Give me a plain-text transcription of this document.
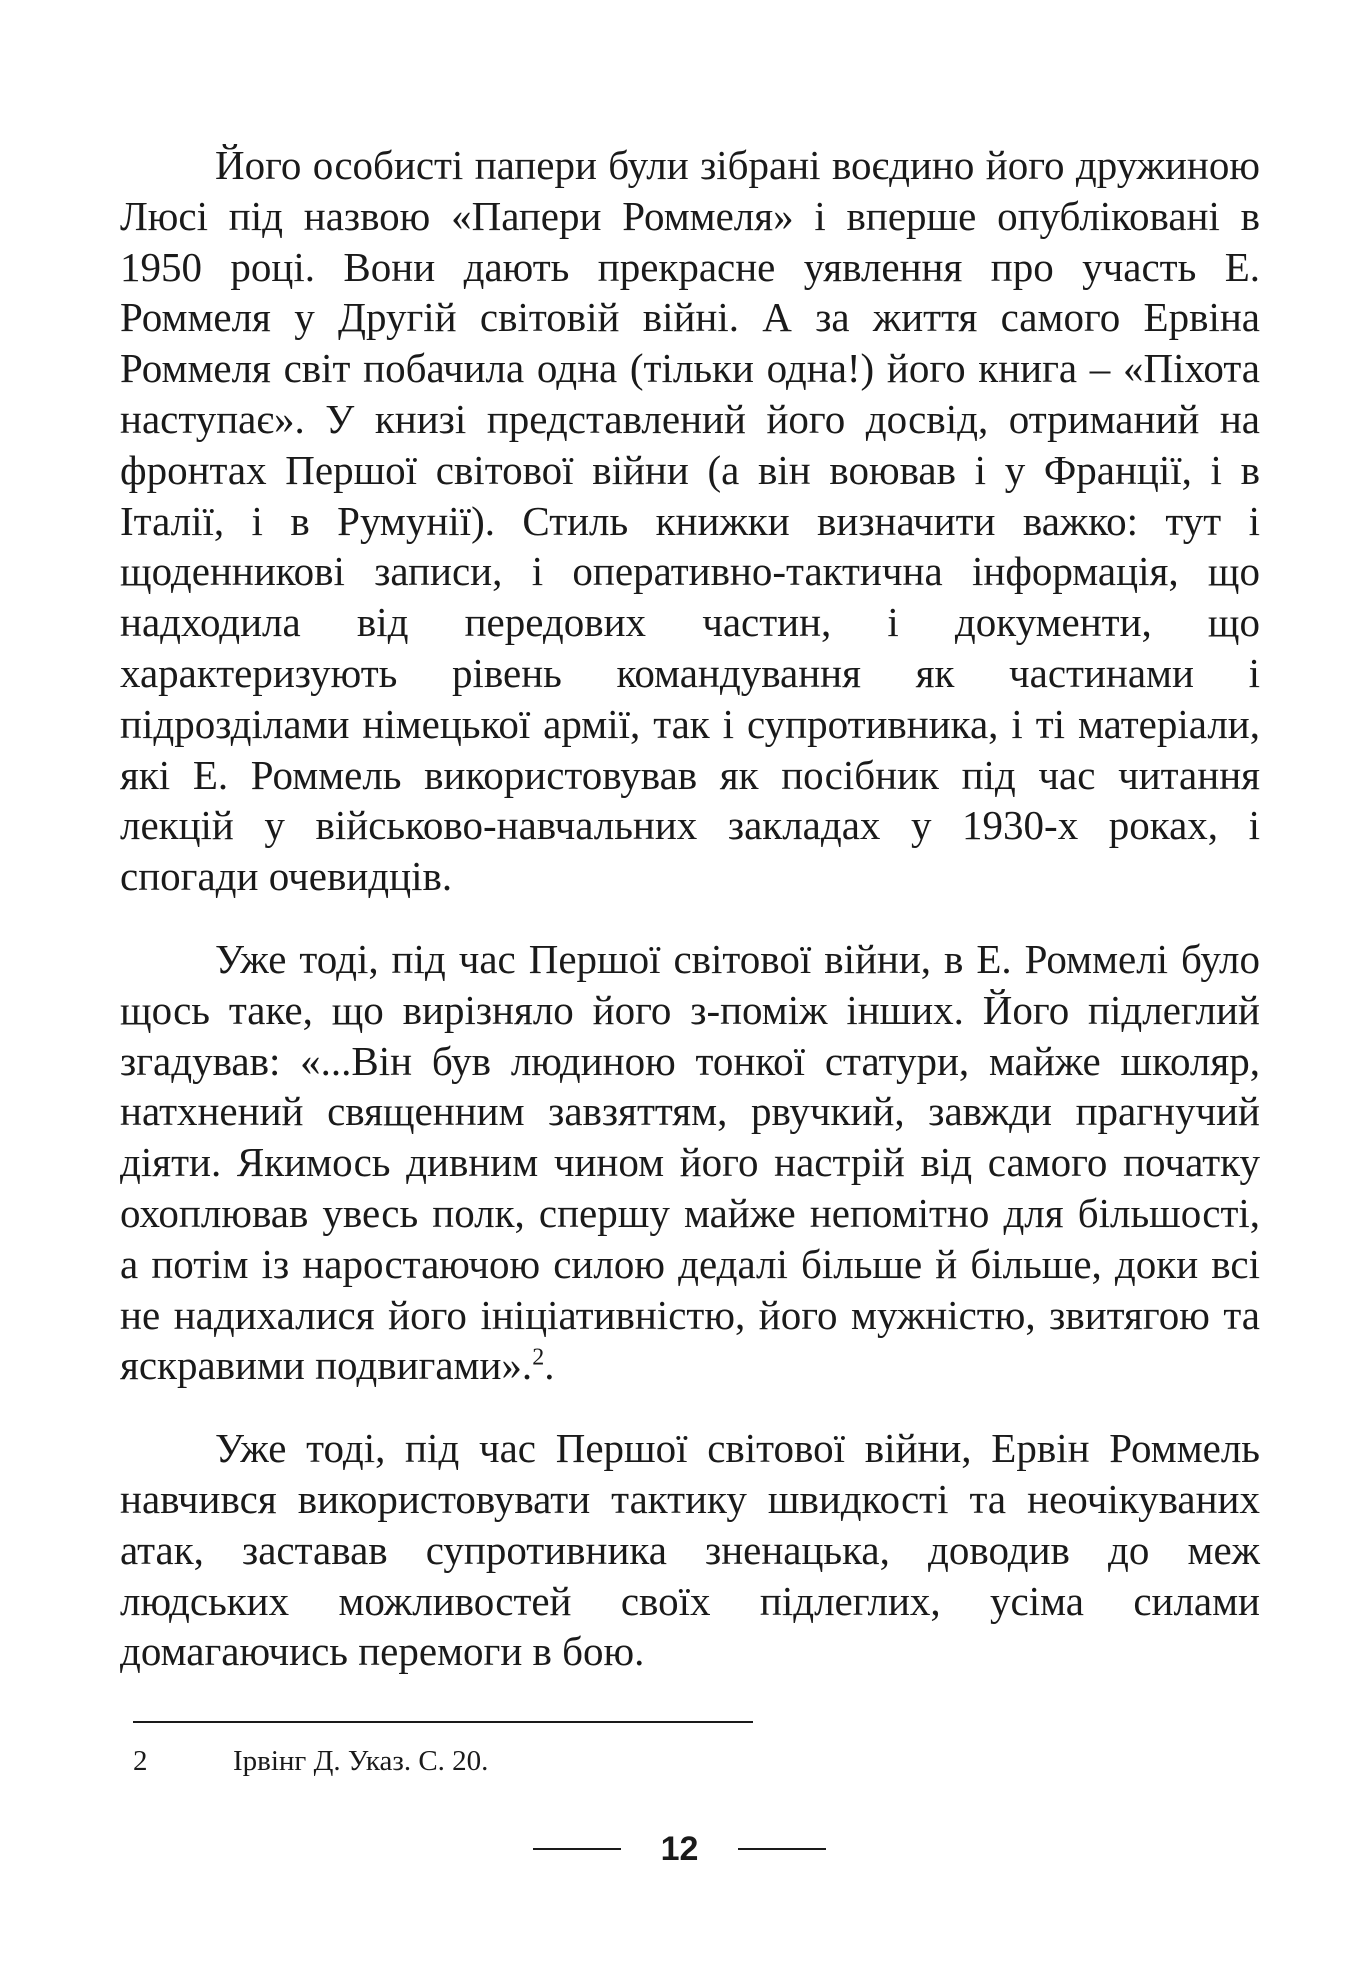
Його особисті папери були зібрані воєдино його дружиною Люсі під назвою «Папери Роммеля» і вперше опубліковані в 1950 році. Вони дають прекрасне уявлення про участь Е. Роммеля у Другій світовій війні. А за життя самого Ервіна Роммеля світ побачила одна (тільки одна!) його книга – «Піхота наступає». У книзі представлений його досвід, отриманий на фронтах Першої світової війни (а він воював і у Франції, і в Італії, і в Румунії). Стиль книжки визначити важко: тут і щоденникові записи, і оперативно-тактична інформація, що надходила від передових частин, і документи, що характеризують рівень командування як частинами і підрозділами німецької армії, так і супротивника, і ті матеріали, які Е. Роммель використовував як посібник під час читання лекцій у військово-навчальних закладах у 1930-х роках, і спогади очевидців.

Уже тоді, під час Першої світової війни, в Е. Роммелі було щось таке, що вирізняло його з-поміж інших. Його підлеглий згадував: «...Він був людиною тонкої статури, майже школяр, натхнений священним завзяттям, рвучкий, завжди прагнучий діяти. Якимось дивним чином його настрій від самого початку охоплював увесь полк, спершу майже непомітно для більшості, а потім із наростаючою силою дедалі більше й більше, доки всі не надихалися його ініціативністю, його мужністю, звитягою та яскравими подвигами».$^2$.

Уже тоді, під час Першої світової війни, Ервін Роммель навчився використовувати тактику швидкості та неочікуваних атак, заставав супротивника зненацька, доводив до меж людських можливостей своїх підлеглих, усіма силами домагаючись перемоги в бою.

2	Ірвінг Д. Указ. С. 20.
12
